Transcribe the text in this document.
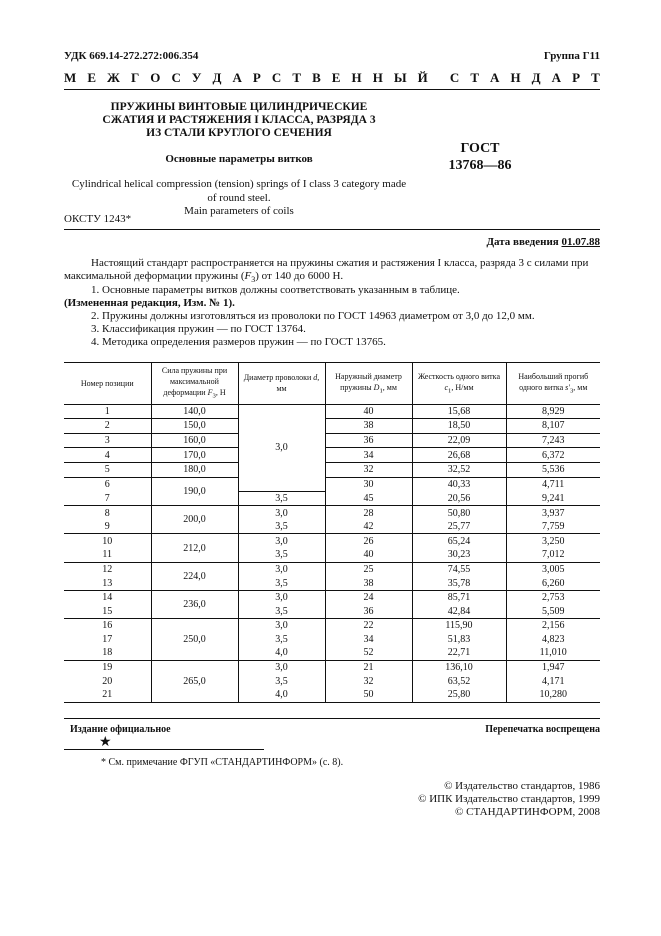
УДК 669.14-272.272:006.354	Группа Г11
М Е Ж Г О С У Д А Р С Т В Е Н Н Ы Й С Т А Н Д А Р Т
ПРУЖИНЫ ВИНТОВЫЕ ЦИЛИНДРИЧЕСКИЕ
СЖАТИЯ И РАСТЯЖЕНИЯ I КЛАССА, РАЗРЯДА 3
ИЗ СТАЛИ КРУГЛОГО СЕЧЕНИЯ
Основные параметры витков
ГОСТ
13768—86
Cylindrical helical compression (tension) springs of I class 3 category made
of round steel.
Main parameters of coils
ОКСТУ 1243*
Дата введения 01.07.88
Настоящий стандарт распространяется на пружины сжатия и растяжения I класса, разряда 3 с силами при максимальной деформации пружины $(F_3)$ от 140 до 6000 Н.
1. Основные параметры витков должны соответствовать указанным в таблице.
(Измененная редакция, Изм. № 1).
2. Пружины должны изготовляться из проволоки по ГОСТ 14963 диаметром от 3,0 до 12,0 мм.
3. Классификация пружин — по ГОСТ 13764.
4. Методика определения размеров пружин — по ГОСТ 13765.
Номер позиции	Сила пружины при максимальной деформации $F_3$, Н	Диаметр проволоки d, мм	Наружный диаметр пружины $D_1$, мм	Жесткость одного витка $c_1$, Н/мм	Наибольший прогиб одного витка $s'_3$, мм
1	140,0	3,0	40	15,68	8,929
2	150,0		38	18,50	8,107
3	160,0		36	22,09	7,243
4	170,0		34	26,68	6,372
5	180,0		32	32,52	5,536
6	190,0		30	40,33	4,711
7		3,5	45	20,56	9,241
8	200,0	3,0	28	50,80	3,937
9		3,5	42	25,77	7,759
10	212,0	3,0	26	65,24	3,250
11		3,5	40	30,23	7,012
12	224,0	3,0	25	74,55	3,005
13		3,5	38	35,78	6,260
14	236,0	3,0	24	85,71	2,753
15		3,5	36	42,84	5,509
16	250,0	3,0	22	115,90	2,156
17		3,5	34	51,83	4,823
18		4,0	52	22,71	11,010
19	265,0	3,0	21	136,10	1,947
20		3,5	32	63,52	4,171
21		4,0	50	25,80	10,280
Издание официальное
★
Перепечатка воспрещена
* См. примечание ФГУП «СТАНДАРТИНФОРМ» (с. 8).
© Издательство стандартов, 1986
© ИПК Издательство стандартов, 1999
© СТАНДАРТИНФОРМ, 2008
